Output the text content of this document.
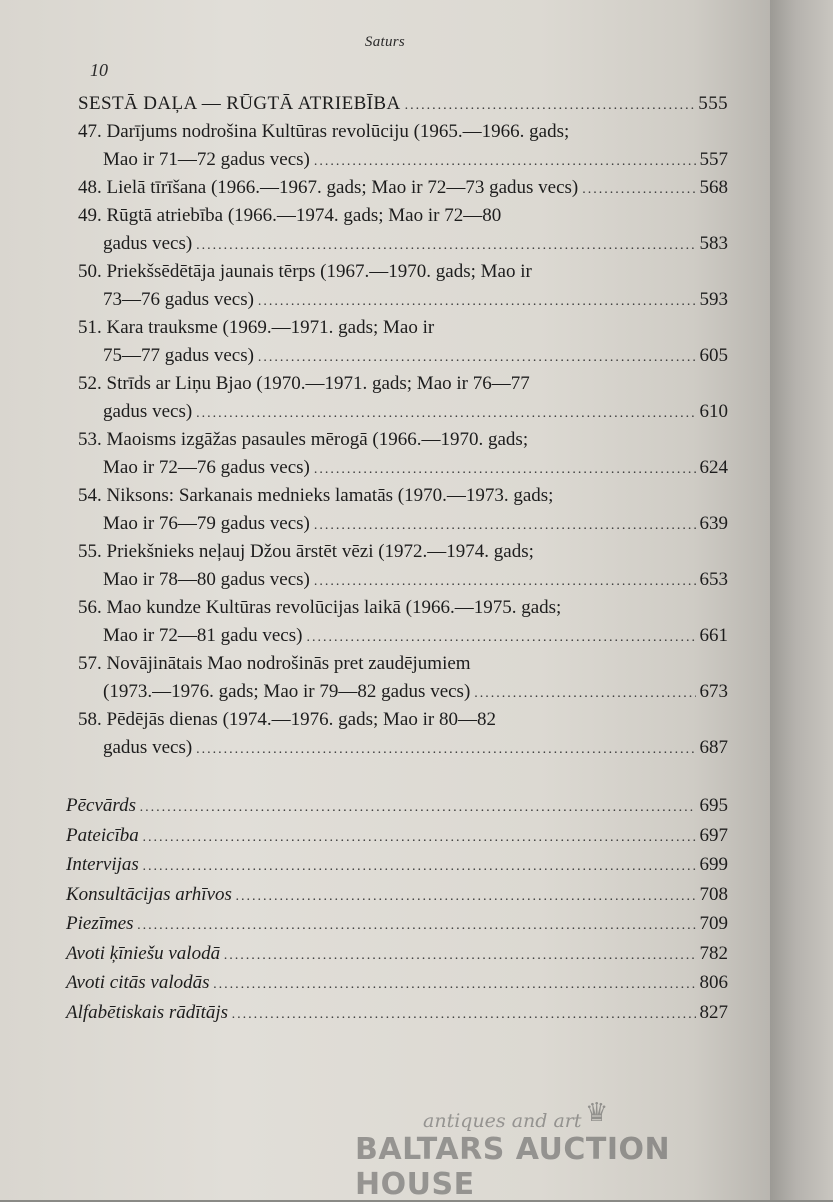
Saturs
10
SESTĀ DAĻA — RŪGTĀ ATRIEBĪBA .....	555
47. Darījums nodrošina Kultūras revolūciju (1965.—1966. gads;
Mao ir 71—72 gadus vecs) .....	557
48. Lielā tīrīšana (1966.—1967. gads; Mao ir 72—73 gadus vecs) .....	568
49. Rūgtā atriebība (1966.—1974. gads; Mao ir 72—80
gadus vecs) .....	583
50. Priekšsēdētāja jaunais tērps (1967.—1970. gads; Mao ir
73—76 gadus vecs) .....	593
51. Kara trauksme (1969.—1971. gads; Mao ir
75—77 gadus vecs) .....	605
52. Strīds ar Liņu Bjao (1970.—1971. gads; Mao ir 76—77
gadus vecs) .....	610
53. Maoisms izgāžas pasaules mērogā (1966.—1970. gads;
Mao ir 72—76 gadus vecs) .....	624
54. Niksons: Sarkanais mednieks lamatās (1970.—1973. gads;
Mao ir 76—79 gadus vecs) .....	639
55. Priekšnieks neļauj Džou ārstēt vēzi (1972.—1974. gads;
Mao ir 78—80 gadus vecs) .....	653
56. Mao kundze Kultūras revolūcijas laikā (1966.—1975. gads;
Mao ir 72—81 gadu vecs) .....	661
57. Novājinātais Mao nodrošinās pret zaudējumiem
(1973.—1976. gads; Mao ir 79—82 gadus vecs) .....	673
58. Pēdējās dienas (1974.—1976. gads; Mao ir 80—82
gadus vecs) .....	687
Pēcvārds .....	695
Pateicība .....	697
Intervijas .....	699
Konsultācijas arhīvos .....	708
Piezīmes .....	709
Avoti ķīniešu valodā .....	782
Avoti citās valodās .....	806
Alfabētiskais rādītājs .....	827
antiques and art ♛
BALTARS AUCTION HOUSE
